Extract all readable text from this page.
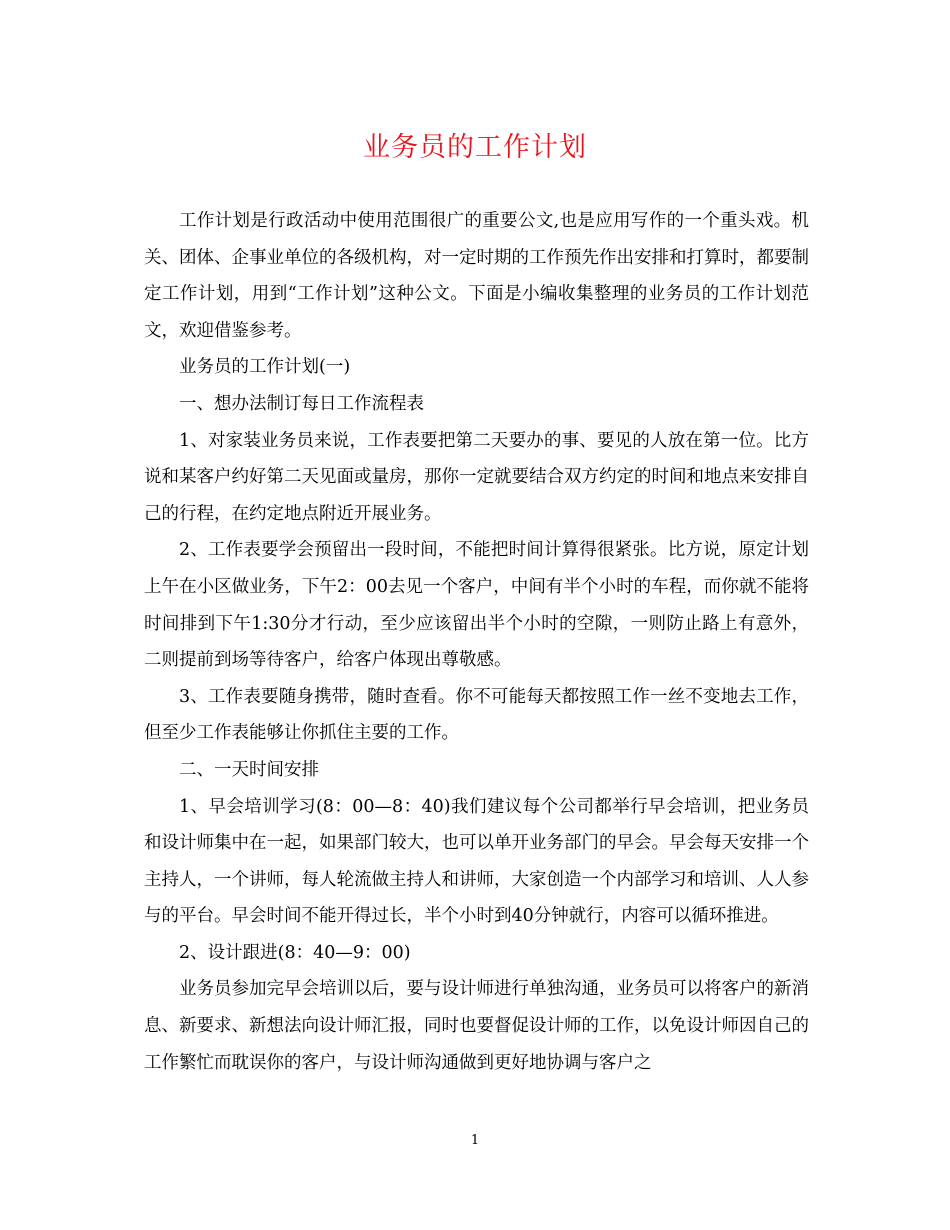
业务员的工作计划

工作计划是行政活动中使用范围很广的重要公文,也是应用写作的一个重头戏。机关、团体、企事业单位的各级机构，对一定时期的工作预先作出安排和打算时，都要制定工作计划，用到“工作计划”这种公文。下面是小编收集整理的业务员的工作计划范文，欢迎借鉴参考。

业务员的工作计划(一)

一、想办法制订每日工作流程表

1、对家装业务员来说，工作表要把第二天要办的事、要见的人放在第一位。比方说和某客户约好第二天见面或量房，那你一定就要结合双方约定的时间和地点来安排自己的行程，在约定地点附近开展业务。

2、工作表要学会预留出一段时间，不能把时间计算得很紧张。比方说，原定计划上午在小区做业务，下午2：00去见一个客户，中间有半个小时的车程，而你就不能将时间排到下午1:30分才行动，至少应该留出半个小时的空隙，一则防止路上有意外，二则提前到场等待客户，给客户体现出尊敬感。

3、工作表要随身携带，随时查看。你不可能每天都按照工作一丝不变地去工作，但至少工作表能够让你抓住主要的工作。

二、一天时间安排

1、早会培训学习(8：00—8：40)我们建议每个公司都举行早会培训，把业务员和设计师集中在一起，如果部门较大，也可以单开业务部门的早会。早会每天安排一个主持人，一个讲师，每人轮流做主持人和讲师，大家创造一个内部学习和培训、人人参与的平台。早会时间不能开得过长，半个小时到40分钟就行，内容可以循环推进。

2、设计跟进(8：40—9：00)

业务员参加完早会培训以后，要与设计师进行单独沟通，业务员可以将客户的新消息、新要求、新想法向设计师汇报，同时也要督促设计师的工作，以免设计师因自己的工作繁忙而耽误你的客户，与设计师沟通做到更好地协调与客户之

1
